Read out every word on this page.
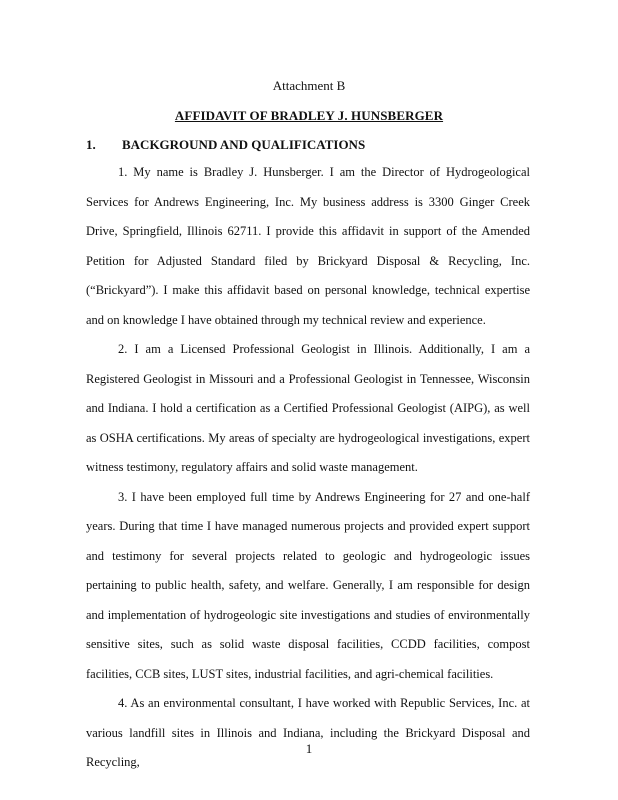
Attachment B
AFFIDAVIT OF BRADLEY J. HUNSBERGER
1. BACKGROUND AND QUALIFICATIONS

1. My name is Bradley J. Hunsberger. I am the Director of Hydrogeological Services for Andrews Engineering, Inc. My business address is 3300 Ginger Creek Drive, Springfield, Illinois 62711. I provide this affidavit in support of the Amended Petition for Adjusted Standard filed by Brickyard Disposal & Recycling, Inc. (“Brickyard”). I make this affidavit based on personal knowledge, technical expertise and on knowledge I have obtained through my technical review and experience.

2. I am a Licensed Professional Geologist in Illinois. Additionally, I am a Registered Geologist in Missouri and a Professional Geologist in Tennessee, Wisconsin and Indiana. I hold a certification as a Certified Professional Geologist (AIPG), as well as OSHA certifications. My areas of specialty are hydrogeological investigations, expert witness testimony, regulatory affairs and solid waste management.

3. I have been employed full time by Andrews Engineering for 27 and one-half years. During that time I have managed numerous projects and provided expert support and testimony for several projects related to geologic and hydrogeologic issues pertaining to public health, safety, and welfare. Generally, I am responsible for design and implementation of hydrogeologic site investigations and studies of environmentally sensitive sites, such as solid waste disposal facilities, CCDD facilities, compost facilities, CCB sites, LUST sites, industrial facilities, and agri-chemical facilities.

4. As an environmental consultant, I have worked with Republic Services, Inc. at various landfill sites in Illinois and Indiana, including the Brickyard Disposal and Recycling,

1
